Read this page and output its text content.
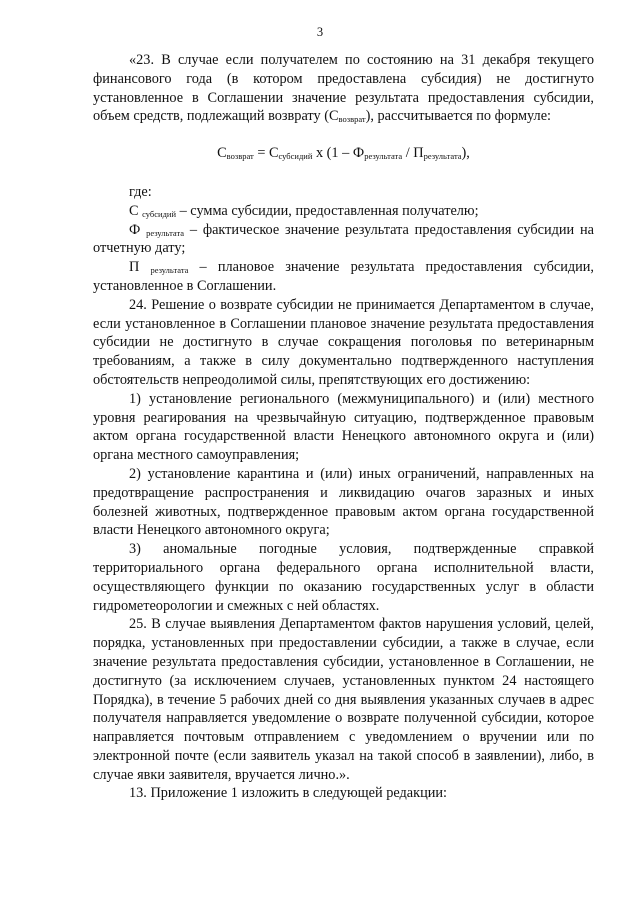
3

«23. В случае если получателем по состоянию на 31 декабря текущего финансового года (в котором предоставлена субсидия) не достигнуто установленное в Соглашении значение результата предоставления субсидии, объем средств, подлежащий возврату $(С_{возврат})$, рассчитывается по формуле:

$С_{возврат} = С_{субсидий}$ х $(1 - Ф_{результата} / П_{результата})$,

где:

С $_{субсидий}$ – сумма субсидии, предоставленная получателю;

Ф $_{результата}$ – фактическое значение результата предоставления субсидии на отчетную дату;

П $_{результата}$ – плановое значение результата предоставления субсидии, установленное в Соглашении.

24. Решение о возврате субсидии не принимается Департаментом в случае, если установленное в Соглашении плановое значение результата предоставления субсидии не достигнуто в случае сокращения поголовья по ветеринарным требованиям, а также в силу документально подтвержденного наступления обстоятельств непреодолимой силы, препятствующих его достижению:

1) установление регионального (межмуниципального) и (или) местного уровня реагирования на чрезвычайную ситуацию, подтвержденное правовым актом органа государственной власти Ненецкого автономного округа и (или) органа местного самоуправления;

2) установление карантина и (или) иных ограничений, направленных на предотвращение распространения и ликвидацию очагов заразных и иных болезней животных, подтвержденное правовым актом органа государственной власти Ненецкого автономного округа;

3) аномальные погодные условия, подтвержденные справкой территориального органа федерального органа исполнительной власти, осуществляющего функции по оказанию государственных услуг в области гидрометеорологии и смежных с ней областях.

25. В случае выявления Департаментом фактов нарушения условий, целей, порядка, установленных при предоставлении субсидии, а также в случае, если значение результата предоставления субсидии, установленное в Соглашении, не достигнуто (за исключением случаев, установленных пунктом 24 настоящего Порядка), в течение 5 рабочих дней со дня выявления указанных случаев в адрес получателя направляется уведомление о возврате полученной субсидии, которое направляется почтовым отправлением с уведомлением о вручении или по электронной почте (если заявитель указал на такой способ в заявлении), либо, в случае явки заявителя, вручается лично.».

13. Приложение 1 изложить в следующей редакции:
